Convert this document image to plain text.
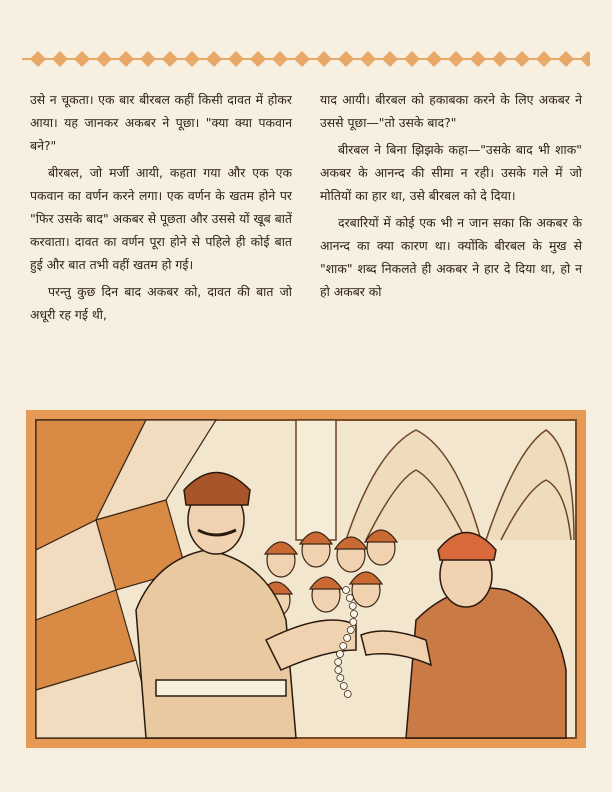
उसे न चूकता। एक बार बीरबल कहीं किसी दावत में होकर आया। यह जानकर अकबर ने पूछा। "क्या क्या पकवान बने?"

बीरबल, जो मर्जी आयी, कहता गया और एक एक पकवान का वर्णन करने लगा। एक वर्णन के खतम होने पर "फिर उसके बाद" अकबर से पूछता और उससे यों खूब बातें करवाता। दावत का वर्णन पूरा होने से पहिले ही कोई बात हुई और बात तभी वहीं खतम हो गई।

परन्तु कुछ दिन बाद अकबर को, दावत की बात जो अधूरी रह गई थी,

याद आयी। बीरबल को हकाबका करने के लिए अकबर ने उससे पूछा—"तो उसके बाद?"

बीरबल ने बिना झिझके कहा—"उसके बाद भी शाक" अकबर के आनन्द की सीमा न रही। उसके गले में जो मोतियों का हार था, उसे बीरबल को दे दिया।

दरबारियों में कोई एक भी न जान सका कि अकबर के आनन्द का क्या कारण था। क्योंकि बीरबल के मुख से "शाक" शब्द निकलते ही अकबर ने हार दे दिया था, हो न हो अकबर को
